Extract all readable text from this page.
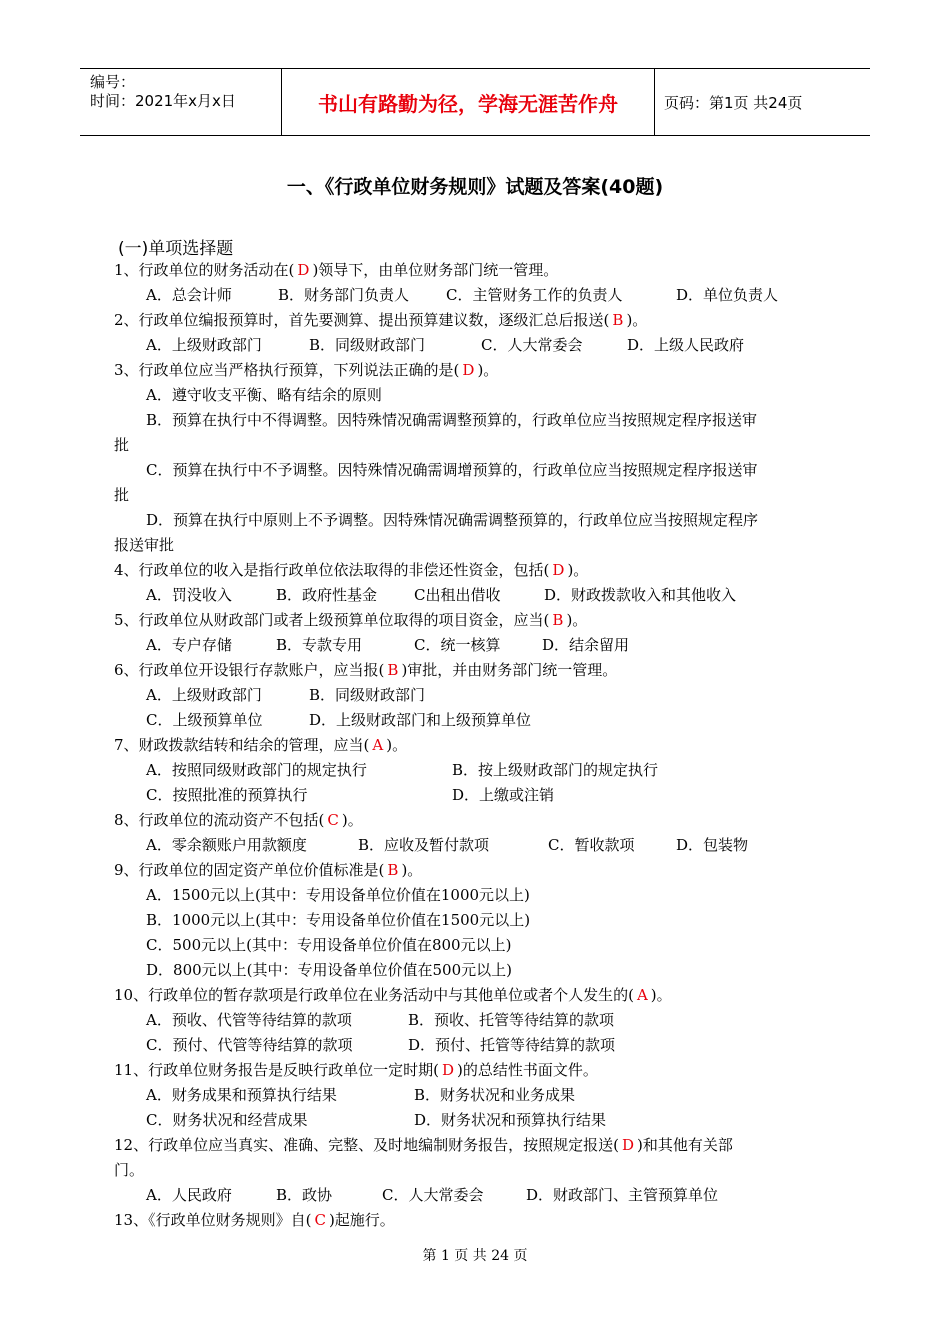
编号：
时间：2021年x月x日	书山有路勤为径，学海无涯苦作舟	页码：第1页 共24页
一、《行政单位财务规则》试题及答案(40题)
(一)单项选择题
1、行政单位的财务活动在( D )领导下，由单位财务部门统一管理。
A．总会计师	B．财务部门负责人 C．主管财务工作的负责人	D．单位负责人
2、行政单位编报预算时，首先要测算、提出预算建议数，逐级汇总后报送( B )。
A．上级财政部门	B．同级财政部门	C．人大常委会	D．上级人民政府
3、行政单位应当严格执行预算，下列说法正确的是( D )。
A．遵守收支平衡、略有结余的原则
B．预算在执行中不得调整。因特殊情况确需调整预算的，行政单位应当按照规定程序报送审
批
C．预算在执行中不予调整。因特殊情况确需调增预算的，行政单位应当按照规定程序报送审
批
D．预算在执行中原则上不予调整。因特殊情况确需调整预算的，行政单位应当按照规定程序
报送审批
4、行政单位的收入是指行政单位依法取得的非偿还性资金，包括( D )。
A．罚没收入	B．政府性基金 C出租出借收	D．财政拨款收入和其他收入
5、行政单位从财政部门或者上级预算单位取得的项目资金，应当( B )。
A．专户存储	B．专款专用	C．统一核算	D．结余留用
6、行政单位开设银行存款账户，应当报( B )审批，并由财务部门统一管理。
A．上级财政部门	B．同级财政部门
C．上级预算单位	D．上级财政部门和上级预算单位
7、财政拨款结转和结余的管理，应当( A )。
A．按照同级财政部门的规定执行	B．按上级财政部门的规定执行
C．按照批准的预算执行	D．上缴或注销
8、行政单位的流动资产不包括( C )。
A．零余额账户用款额度	B．应收及暂付款项	C．暂收款项	D．包装物
9、行政单位的固定资产单位价值标准是( B )。
A．1500元以上(其中：专用设备单位价值在1000元以上)
B．1000元以上(其中：专用设备单位价值在1500元以上)
C．500元以上(其中：专用设备单位价值在800元以上)
D．800元以上(其中：专用设备单位价值在500元以上)
10、行政单位的暂存款项是行政单位在业务活动中与其他单位或者个人发生的( A )。
A．预收、代管等待结算的款项	B．预收、托管等待结算的款项
C．预付、代管等待结算的款项	D．预付、托管等待结算的款项
11、行政单位财务报告是反映行政单位一定时期( D )的总结性书面文件。
A．财务成果和预算执行结果	B．财务状况和业务成果
C．财务状况和经营成果	D．财务状况和预算执行结果
12、行政单位应当真实、准确、完整、及时地编制财务报告，按照规定报送( D )和其他有关部
门。
A．人民政府	B．政协	C．人大常委会	D．财政部门、主管预算单位
13、《行政单位财务规则》自( C )起施行。
第 1 页 共 24 页
